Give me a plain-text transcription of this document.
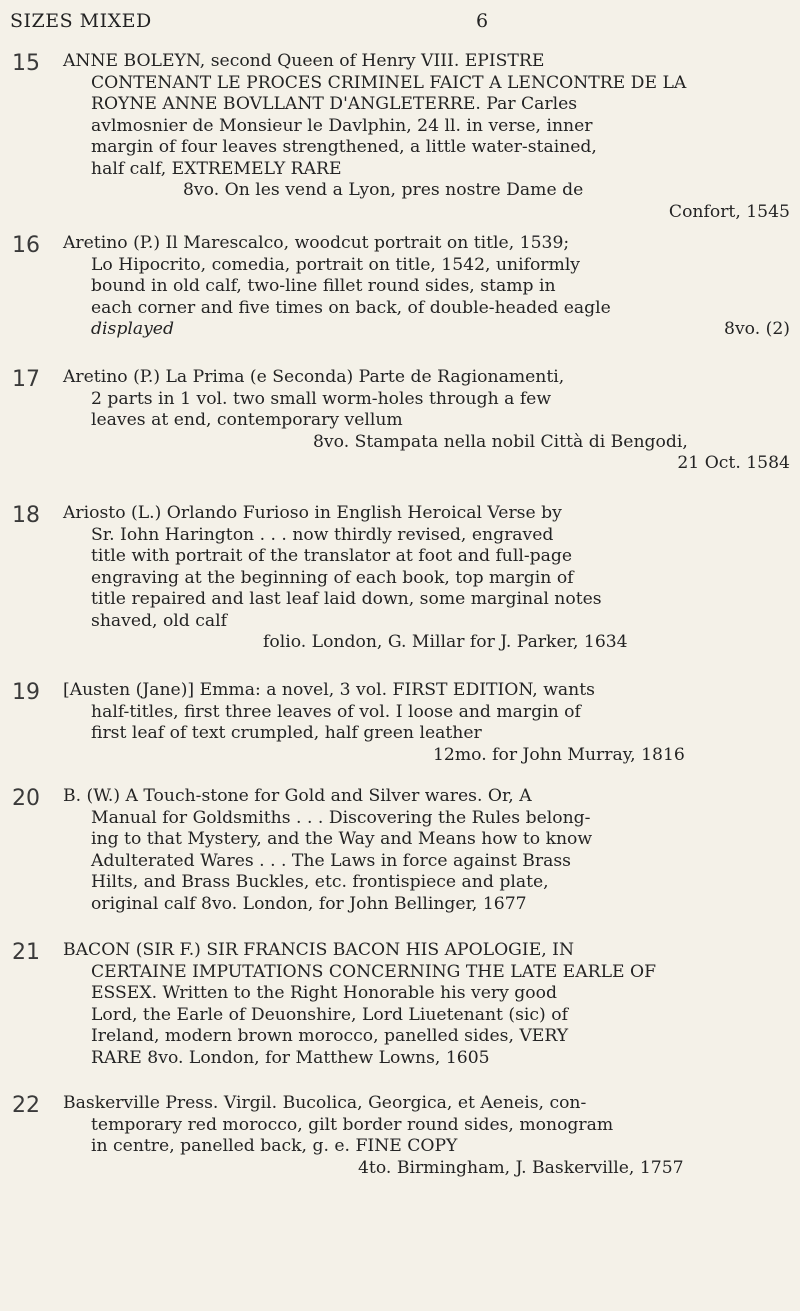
SIZES MIXED	6
15 ANNE BOLEYN, second Queen of Henry VIII. EPISTRE
CONTENANT LE PROCES CRIMINEL FAICT A LENCONTRE DE LA
ROYNE ANNE BOVLLANT D'ANGLETERRE. Par Carles
avlmosnier de Monsieur le Davlphin, 24 ll. in verse, inner
margin of four leaves strengthened, a little water-stained,
half calf, EXTREMELY RARE
8vo. On les vend a Lyon, pres nostre Dame de
Confort, 1545
16 Aretino (P.) Il Marescalco, woodcut portrait on title, 1539;
Lo Hipocrito, comedia, portrait on title, 1542, uniformly
bound in old calf, two-line fillet round sides, stamp in
each corner and five times on back, of double-headed eagle
displayed	8vo. (2)
17 Aretino (P.) La Prima (e Seconda) Parte de Ragionamenti,
2 parts in 1 vol. two small worm-holes through a few
leaves at end, contemporary vellum
8vo. Stampata nella nobil Città di Bengodi,
21 Oct. 1584
18 Ariosto (L.) Orlando Furioso in English Heroical Verse by
Sr. Iohn Harington . . . now thirdly revised, engraved
title with portrait of the translator at foot and full-page
engraving at the beginning of each book, top margin of
title repaired and last leaf laid down, some marginal notes
shaved, old calf
folio. London, G. Millar for J. Parker, 1634
19 [Austen (Jane)] Emma: a novel, 3 vol. FIRST EDITION, wants
half-titles, first three leaves of vol. I loose and margin of
first leaf of text crumpled, half green leather
12mo. for John Murray, 1816
20 B. (W.) A Touch-stone for Gold and Silver wares. Or, A
Manual for Goldsmiths . . . Discovering the Rules belong-
ing to that Mystery, and the Way and Means how to know
Adulterated Wares . . . The Laws in force against Brass
Hilts, and Brass Buckles, etc. frontispiece and plate,
original calf 8vo. London, for John Bellinger, 1677
21 BACON (SIR F.) SIR FRANCIS BACON HIS APOLOGIE, IN
CERTAINE IMPUTATIONS CONCERNING THE LATE EARLE OF
ESSEX. Written to the Right Honorable his very good
Lord, the Earle of Deuonshire, Lord Liuetenant (sic) of
Ireland, modern brown morocco, panelled sides, VERY
RARE 8vo. London, for Matthew Lowns, 1605
22 Baskerville Press. Virgil. Bucolica, Georgica, et Aeneis, con-
temporary red morocco, gilt border round sides, monogram
in centre, panelled back, g. e. FINE COPY
4to. Birmingham, J. Baskerville, 1757
